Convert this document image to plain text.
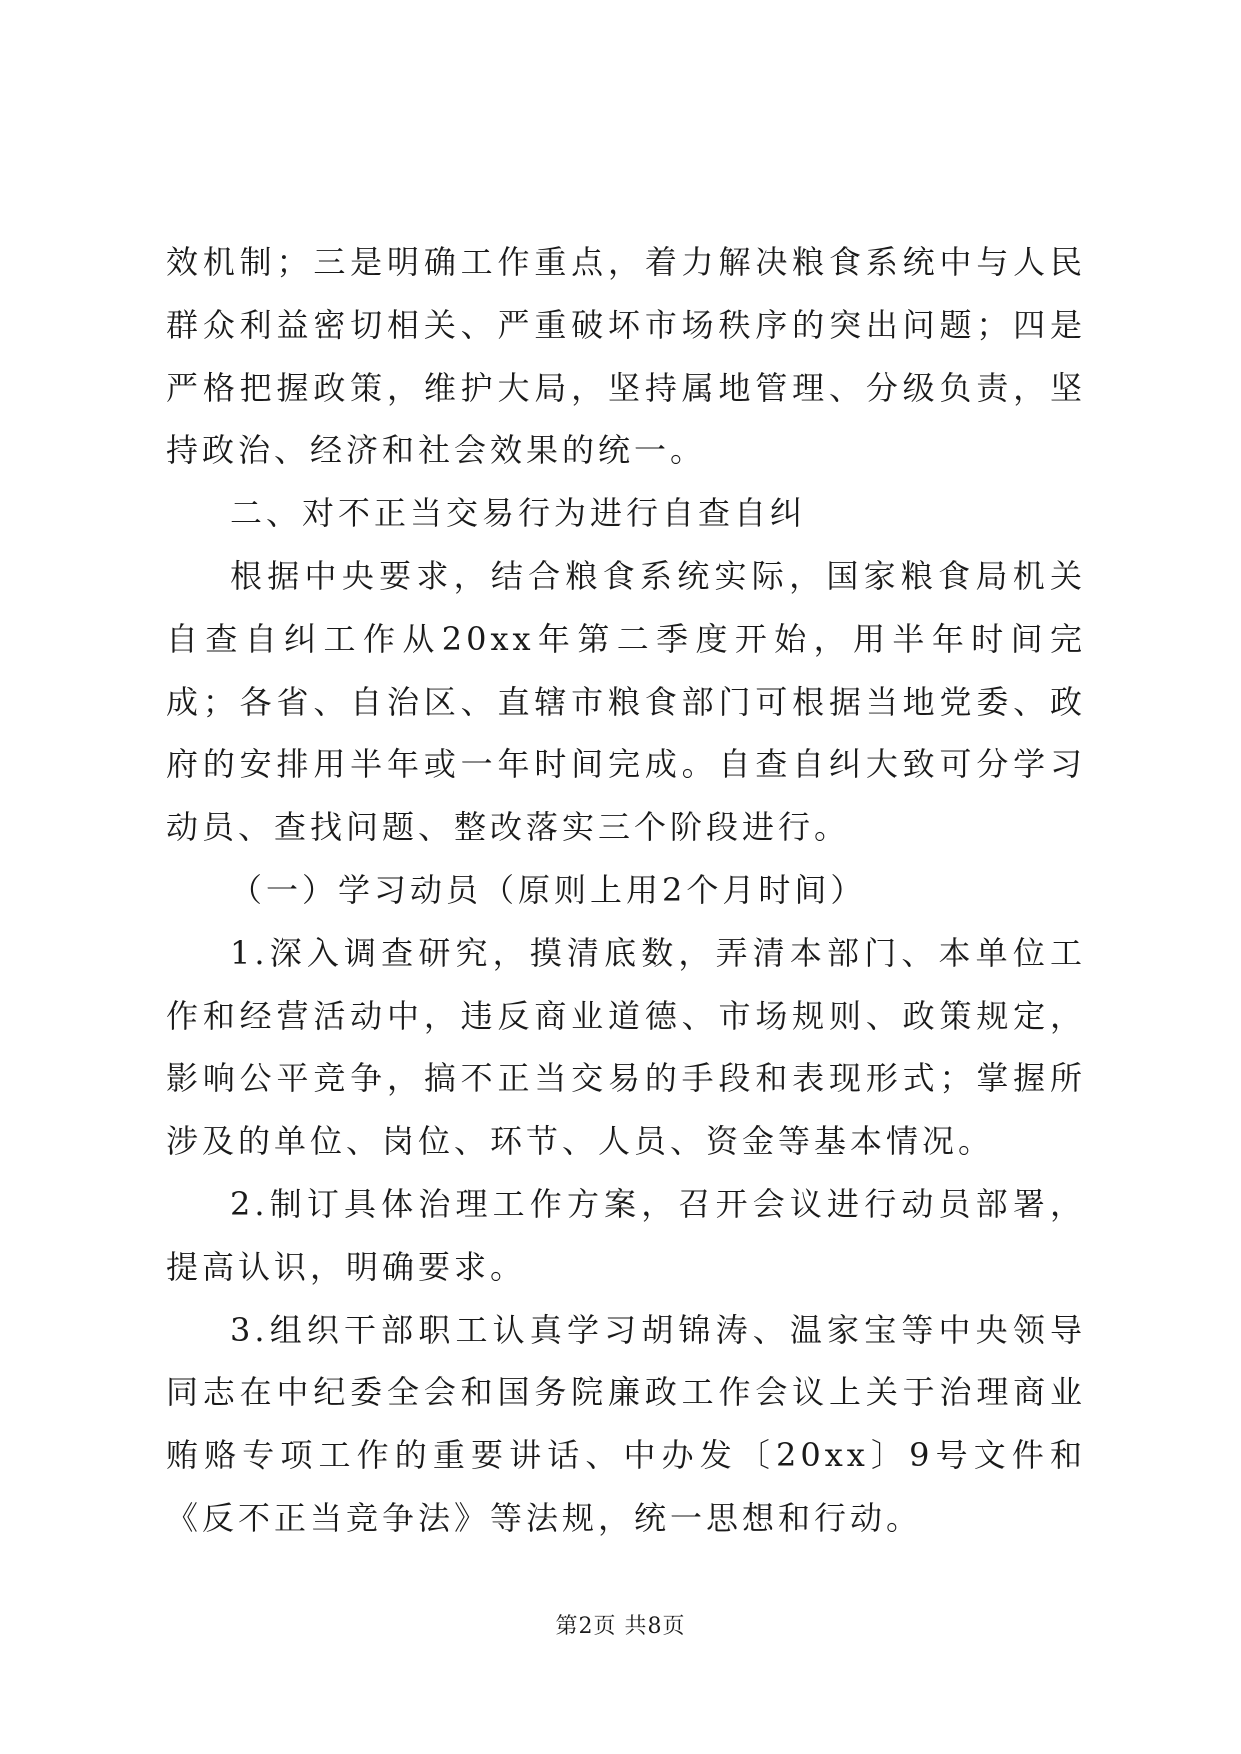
效机制；三是明确工作重点，着力解决粮食系统中与人民群众利益密切相关、严重破坏市场秩序的突出问题；四是严格把握政策，维护大局，坚持属地管理、分级负责，坚持政治、经济和社会效果的统一。

二、对不正当交易行为进行自查自纠

根据中央要求，结合粮食系统实际，国家粮食局机关自查自纠工作从20xx年第二季度开始，用半年时间完成；各省、自治区、直辖市粮食部门可根据当地党委、政府的安排用半年或一年时间完成。自查自纠大致可分学习动员、查找问题、整改落实三个阶段进行。

（一）学习动员（原则上用2个月时间）

1.深入调查研究，摸清底数，弄清本部门、本单位工作和经营活动中，违反商业道德、市场规则、政策规定，影响公平竞争，搞不正当交易的手段和表现形式；掌握所涉及的单位、岗位、环节、人员、资金等基本情况。

2.制订具体治理工作方案，召开会议进行动员部署，提高认识，明确要求。

3.组织干部职工认真学习胡锦涛、温家宝等中央领导同志在中纪委全会和国务院廉政工作会议上关于治理商业贿赂专项工作的重要讲话、中办发〔20xx〕9号文件和《反不正当竞争法》等法规，统一思想和行动。

第2页 共8页
